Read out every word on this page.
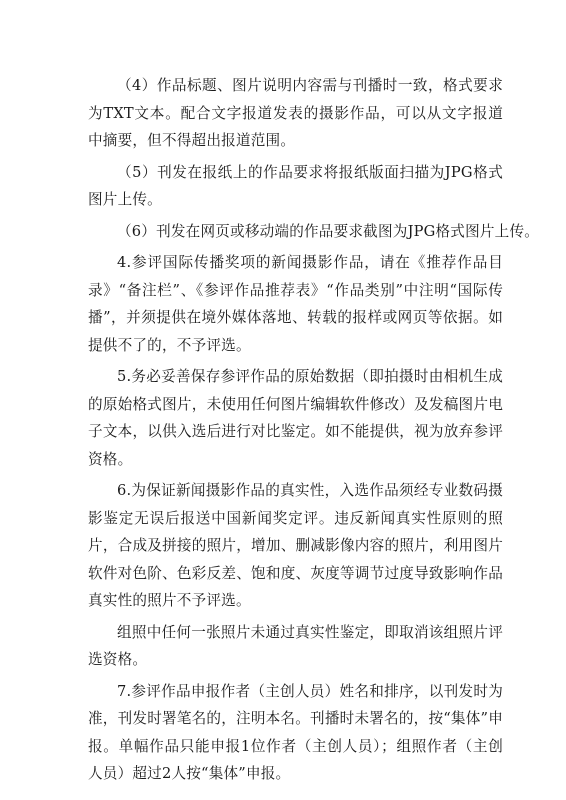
（4）作品标题、图片说明内容需与刊播时一致，格式要求为TXT文本。配合文字报道发表的摄影作品，可以从文字报道中摘要，但不得超出报道范围。

（5）刊发在报纸上的作品要求将报纸版面扫描为JPG格式图片上传。

（6）刊发在网页或移动端的作品要求截图为JPG格式图片上传。

4.参评国际传播奖项的新闻摄影作品，请在《推荐作品目录》“备注栏”、《参评作品推荐表》“作品类别”中注明“国际传播”，并须提供在境外媒体落地、转载的报样或网页等依据。如提供不了的，不予评选。

5.务必妥善保存参评作品的原始数据（即拍摄时由相机生成的原始格式图片，未使用任何图片编辑软件修改）及发稿图片电子文本，以供入选后进行对比鉴定。如不能提供，视为放弃参评资格。

6.为保证新闻摄影作品的真实性，入选作品须经专业数码摄影鉴定无误后报送中国新闻奖定评。违反新闻真实性原则的照片，合成及拼接的照片，增加、删减影像内容的照片，利用图片软件对色阶、色彩反差、饱和度、灰度等调节过度导致影响作品真实性的照片不予评选。

组照中任何一张照片未通过真实性鉴定，即取消该组照片评选资格。

7.参评作品申报作者（主创人员）姓名和排序，以刊发时为准，刊发时署笔名的，注明本名。刊播时未署名的，按“集体”申报。单幅作品只能申报1位作者（主创人员）；组照作者（主创人员）超过2人按“集体”申报。
